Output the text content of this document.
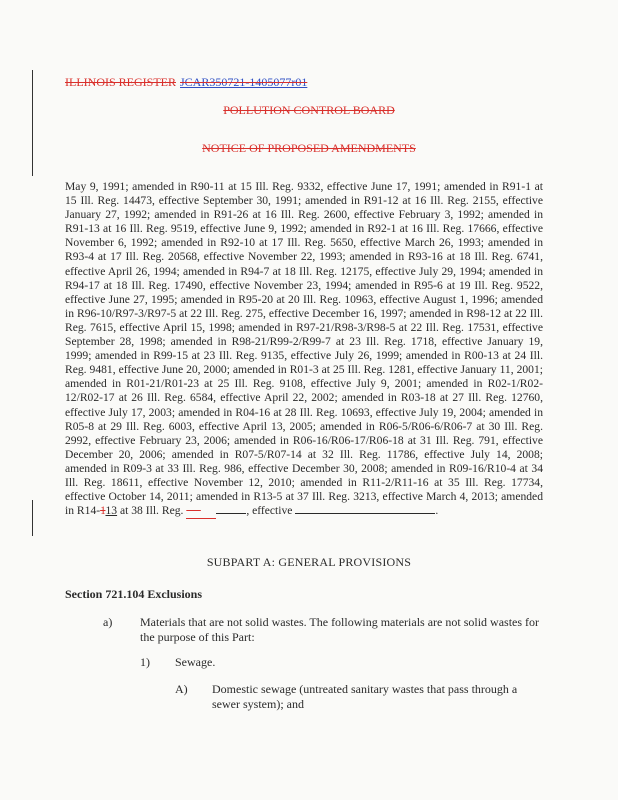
ILLINOIS REGISTER JCAR350721-1405077r01
POLLUTION CONTROL BOARD
NOTICE OF PROPOSED AMENDMENTS
May 9, 1991; amended in R90-11 at 15 Ill. Reg. 9332, effective June 17, 1991; amended in R91-1 at 15 Ill. Reg. 14473, effective September 30, 1991; amended in R91-12 at 16 Ill. Reg. 2155, effective January 27, 1992; amended in R91-26 at 16 Ill. Reg. 2600, effective February 3, 1992; amended in R91-13 at 16 Ill. Reg. 9519, effective June 9, 1992; amended in R92-1 at 16 Ill. Reg. 17666, effective November 6, 1992; amended in R92-10 at 17 Ill. Reg. 5650, effective March 26, 1993; amended in R93-4 at 17 Ill. Reg. 20568, effective November 22, 1993; amended in R93-16 at 18 Ill. Reg. 6741, effective April 26, 1994; amended in R94-7 at 18 Ill. Reg. 12175, effective July 29, 1994; amended in R94-17 at 18 Ill. Reg. 17490, effective November 23, 1994; amended in R95-6 at 19 Ill. Reg. 9522, effective June 27, 1995; amended in R95-20 at 20 Ill. Reg. 10963, effective August 1, 1996; amended in R96-10/R97-3/R97-5 at 22 Ill. Reg. 275, effective December 16, 1997; amended in R98-12 at 22 Ill. Reg. 7615, effective April 15, 1998; amended in R97-21/R98-3/R98-5 at 22 Ill. Reg. 17531, effective September 28, 1998; amended in R98-21/R99-2/R99-7 at 23 Ill. Reg. 1718, effective January 19, 1999; amended in R99-15 at 23 Ill. Reg. 9135, effective July 26, 1999; amended in R00-13 at 24 Ill. Reg. 9481, effective June 20, 2000; amended in R01-3 at 25 Ill. Reg. 1281, effective January 11, 2001; amended in R01-21/R01-23 at 25 Ill. Reg. 9108, effective July 9, 2001; amended in R02-1/R02-12/R02-17 at 26 Ill. Reg. 6584, effective April 22, 2002; amended in R03-18 at 27 Ill. Reg. 12760, effective July 17, 2003; amended in R04-16 at 28 Ill. Reg. 10693, effective July 19, 2004; amended in R05-8 at 29 Ill. Reg. 6003, effective April 13, 2005; amended in R06-5/R06-6/R06-7 at 30 Ill. Reg. 2992, effective February 23, 2006; amended in R06-16/R06-17/R06-18 at 31 Ill. Reg. 791, effective December 20, 2006; amended in R07-5/R07-14 at 32 Ill. Reg. 11786, effective July 14, 2008; amended in R09-3 at 33 Ill. Reg. 986, effective December 30, 2008; amended in R09-16/R10-4 at 34 Ill. Reg. 18611, effective November 12, 2010; amended in R11-2/R11-16 at 35 Ill. Reg. 17734, effective October 14, 2011; amended in R13-5 at 37 Ill. Reg. 3213, effective March 4, 2013; amended in R14-113 at 38 Ill. Reg.	, effective	.
SUBPART A: GENERAL PROVISIONS
Section 721.104 Exclusions
a) Materials that are not solid wastes. The following materials are not solid wastes for the purpose of this Part:
1) Sewage.
A) Domestic sewage (untreated sanitary wastes that pass through a sewer system); and
